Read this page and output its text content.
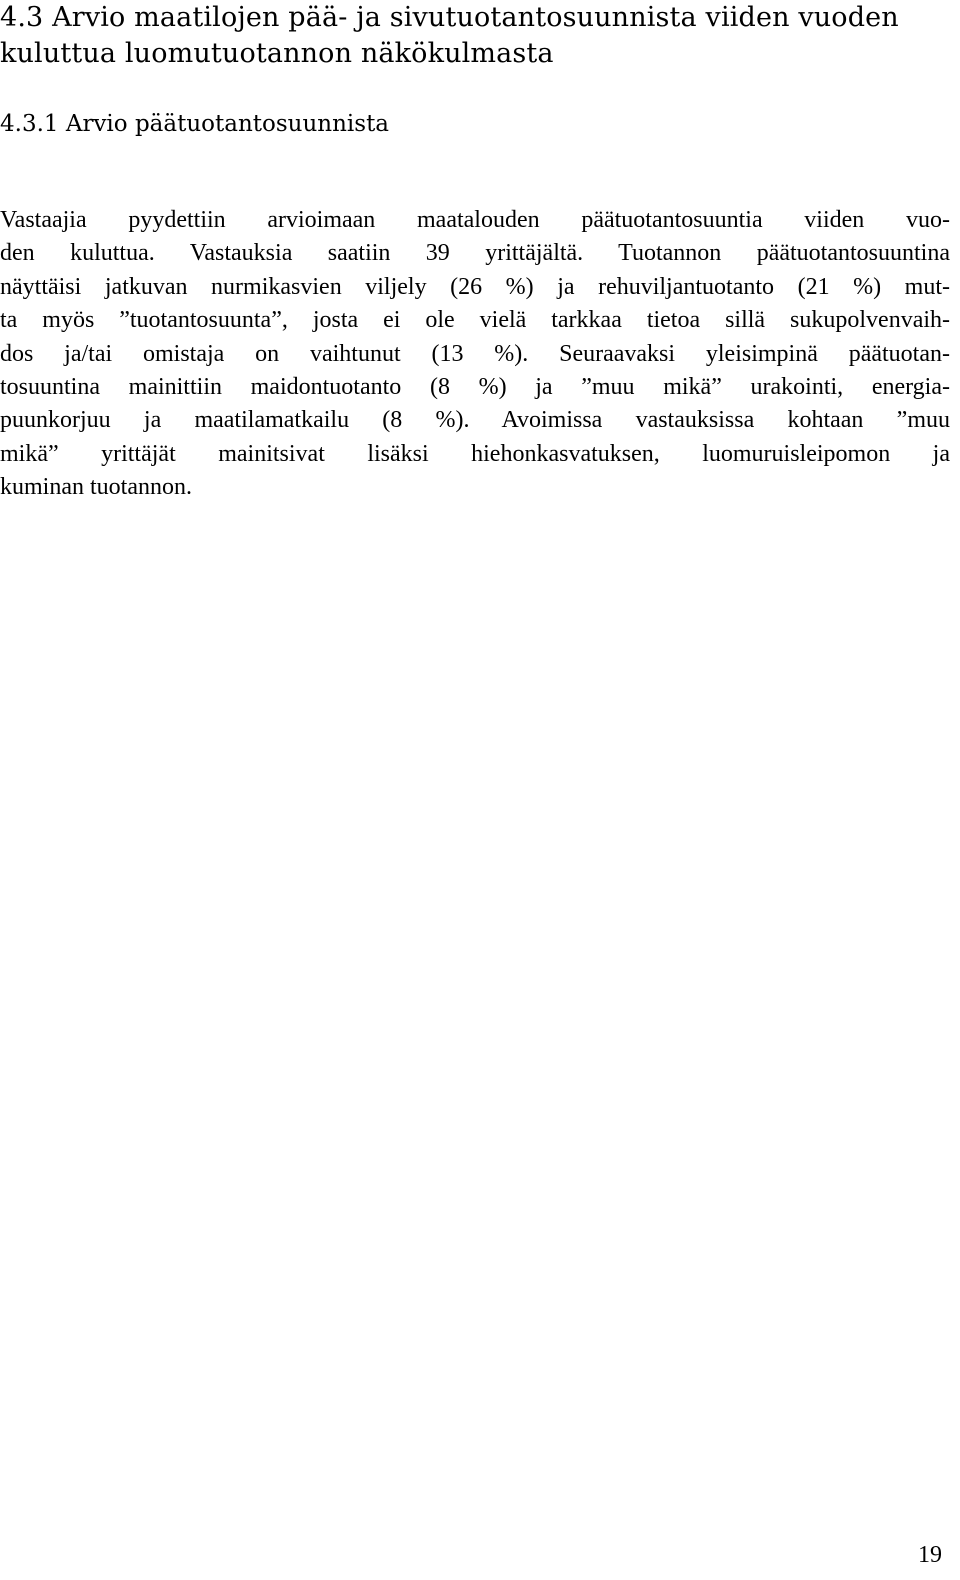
4.3 Arvio maatilojen pää- ja sivutuotantosuunnista viiden vuoden
kuluttua luomutuotannon näkökulmasta
4.3.1 Arvio päätuotantosuunnista

Vastaajia pyydettiin arvioimaan maatalouden päätuotantosuuntia viiden vuo-
den kuluttua. Vastauksia saatiin 39 yrittäjältä. Tuotannon päätuotantosuuntina
näyttäisi jatkuvan nurmikasvien viljely (26 %) ja rehuviljantuotanto (21 %) mut-
ta myös ”tuotantosuunta”, josta ei ole vielä tarkkaa tietoa sillä sukupolvenvaih-
dos ja/tai omistaja on vaihtunut (13 %). Seuraavaksi yleisimpinä päätuotan-
tosuuntina mainittiin maidontuotanto (8 %) ja ”muu mikä” urakointi, energia-
puunkorjuu ja maatilamatkailu (8 %). Avoimissa vastauksissa kohtaan ”muu
mikä” yrittäjät mainitsivat lisäksi hiehonkasvatuksen, luomuruisleipomon ja
kuminan tuotannon.

19
